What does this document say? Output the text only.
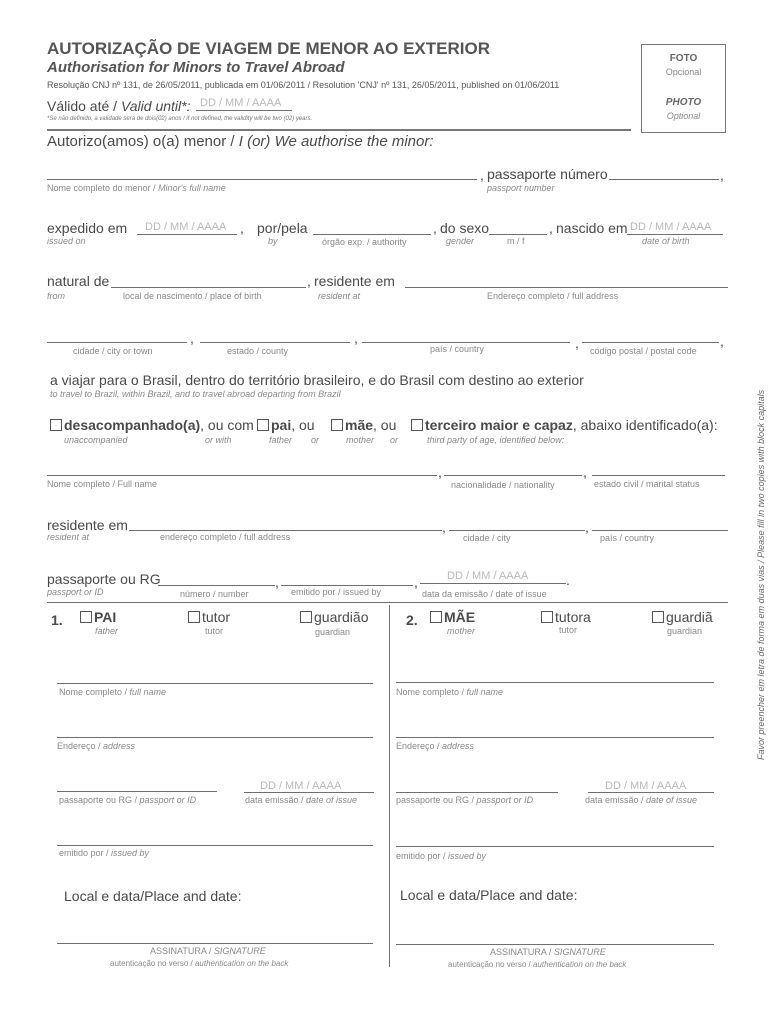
AUTORIZAÇÃO DE VIAGEM DE MENOR AO EXTERIOR
Authorisation for Minors to Travel Abroad
Resolução CNJ nº 131, de 26/05/2011, publicada em 01/06/2011 / Resolution 'CNJ' nº 131, 26/05/2011, published on 01/06/2011
Válido até / Valid until*: DD / MM / AAAA
*Se não definido, a validade será de dois(02) anos / if not defined, the validity will be two (02) years.
FOTO
Opcional
PHOTO
Optional
Favor preencher em letra de forma em duas vias / Please fill in two copies with block capitals
Autorizo(amos) o(a) menor / I (or) We authorise the minor:
Nome completo do menor / Minor's full name
, passaporte número	,
passport number
expedido em DD / MM / AAAA ,
issued on
por/pela
by	órgão exp. / authority
, do sexo
gender	m / f
, nascido em DD / MM / AAAA
date of birth
natural de	,
from	local de nascimento / place of birth
residente em
resident at	Endereço completo / full address
,	,	,	,
cidade / city or town	estado / county	país / country	código postal / postal code
a viajar para o Brasil, dentro do território brasileiro, e do Brasil com destino ao exterior
to travel to Brazil, within Brazil, and to travel abroad departing from Brazil
desacompanhado(a), ou com
unaccompanied	or with
pai, ou
father or
mãe, ou
mother or
terceiro maior e capaz, abaixo identificado(a):
third party of age, identified below:
,	,
Nome completo / Full name	nacionalidade / nationality	estado civil / marital status
residente em	,	,
resident at	endereço completo / full address	cidade / city	país / country
passaporte ou RG	,	,	DD / MM / AAAA	.
passport or ID	número / number	emitido por / issued by	data da emissão / date of issue
1.	PAI
father
tutor
tutor
guardião
guardian
Nome completo / full name
Endereço / address
DD / MM / AAAA
passaporte ou RG / passport or ID	data emissão / date of issue
emitido por / issued by
Local e data/Place and date:
ASSINATURA / SIGNATURE
autenticação no verso / authentication on the back
2.	MÃE
mother
tutora
tutor
guardiã
guardian
Nome completo / full name
Endereço / address
DD / MM / AAAA
passaporte ou RG / passport or ID	data emissão / date of issue
emitido por / issued by
Local e data/Place and date:
ASSINATURA / SIGNATURE
autenticação no verso / authentication on the back
